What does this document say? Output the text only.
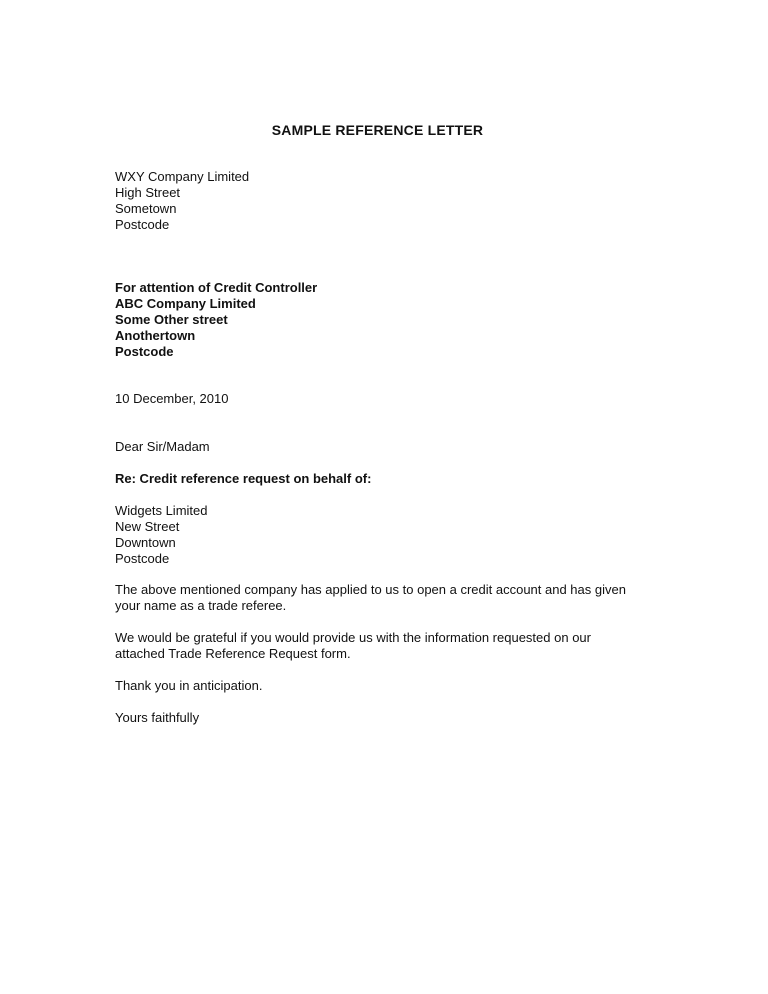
SAMPLE REFERENCE LETTER
WXY Company Limited
High Street
Sometown
Postcode
For attention of Credit Controller
ABC Company Limited
Some Other street
Anothertown
Postcode
10 December, 2010
Dear Sir/Madam
Re: Credit reference request on behalf of:
Widgets Limited
New Street
Downtown
Postcode

The above mentioned company has applied to us to open a credit account and has given your name as a trade referee.

We would be grateful if you would provide us with the information requested on our attached Trade Reference Request form.

Thank you in anticipation.
Yours faithfully
